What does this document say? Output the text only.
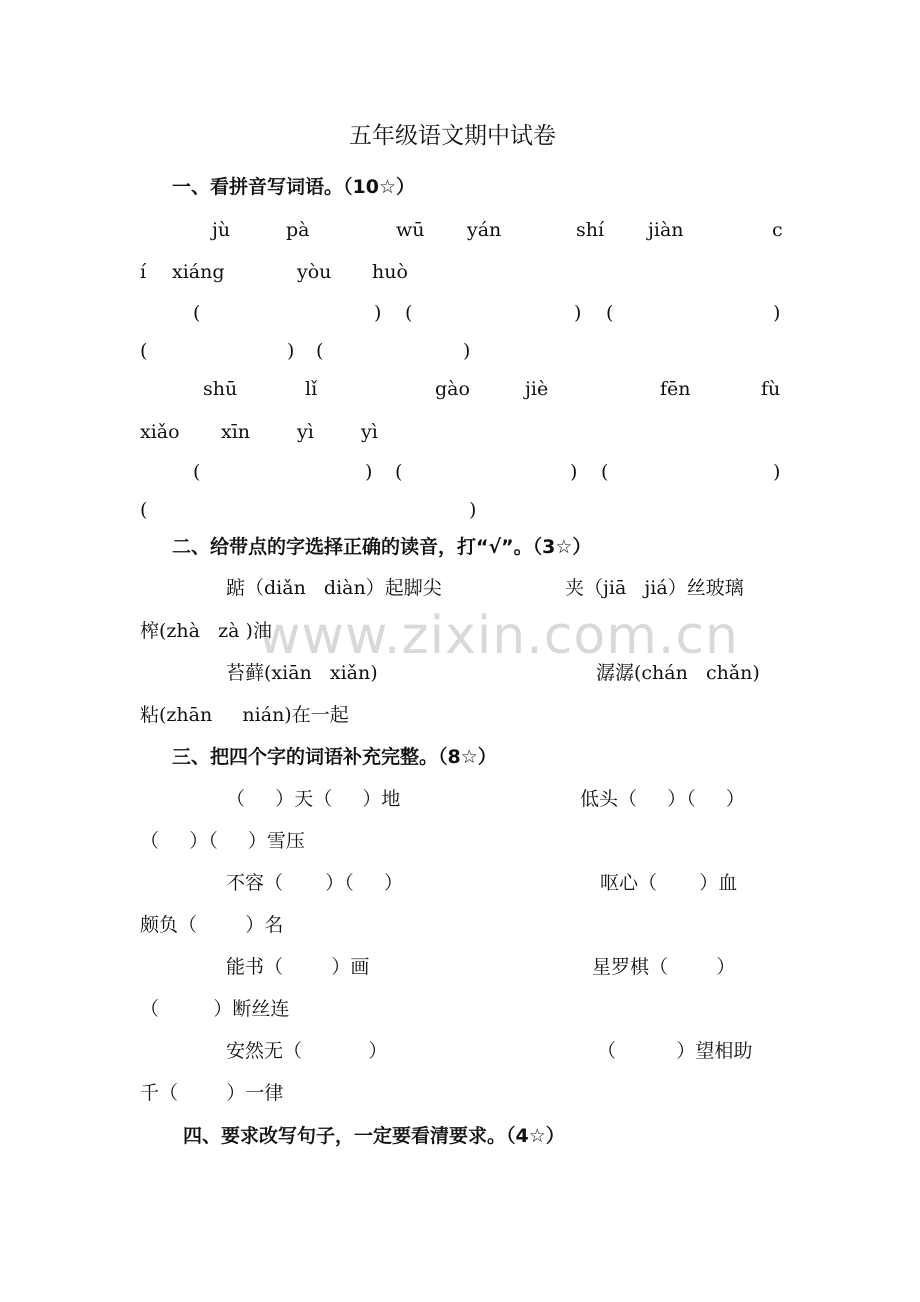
www.zixin.com.cn
五年级语文期中试卷
一、看拼音写词语。（10☆）
jù	pà	wū yán	shí jiàn	c
í xiáng	yòu huò
(	) (	) (	)
(	) (	)
shū	lǐ	gào	jiè	fēn	fù
xiǎo xīn yì yì
(	) (	) (	)
(	)
二、给带点的字选择正确的读音，打“√”。（3☆）
踮（diǎn   diàn）起脚尖	夹（jiā   jiá）丝玻璃
榨(zhà   zà )油
苔藓(xiān   xiǎn)	潺潺(chán   chǎn)
粘(zhān     nián)在一起
三、把四个字的词语补充完整。（8☆）
（     ）天（     ）地	低头（     ）（     ）
（     ）（     ）雪压
不容（       ）（     ）	呕心（       ）血
颇负（        ）名
能书（        ）画	星罗棋（        ）
（         ）断丝连
安然无（           ）	（          ）望相助
千（        ）一律
四、要求改写句子，一定要看清要求。（4☆）
